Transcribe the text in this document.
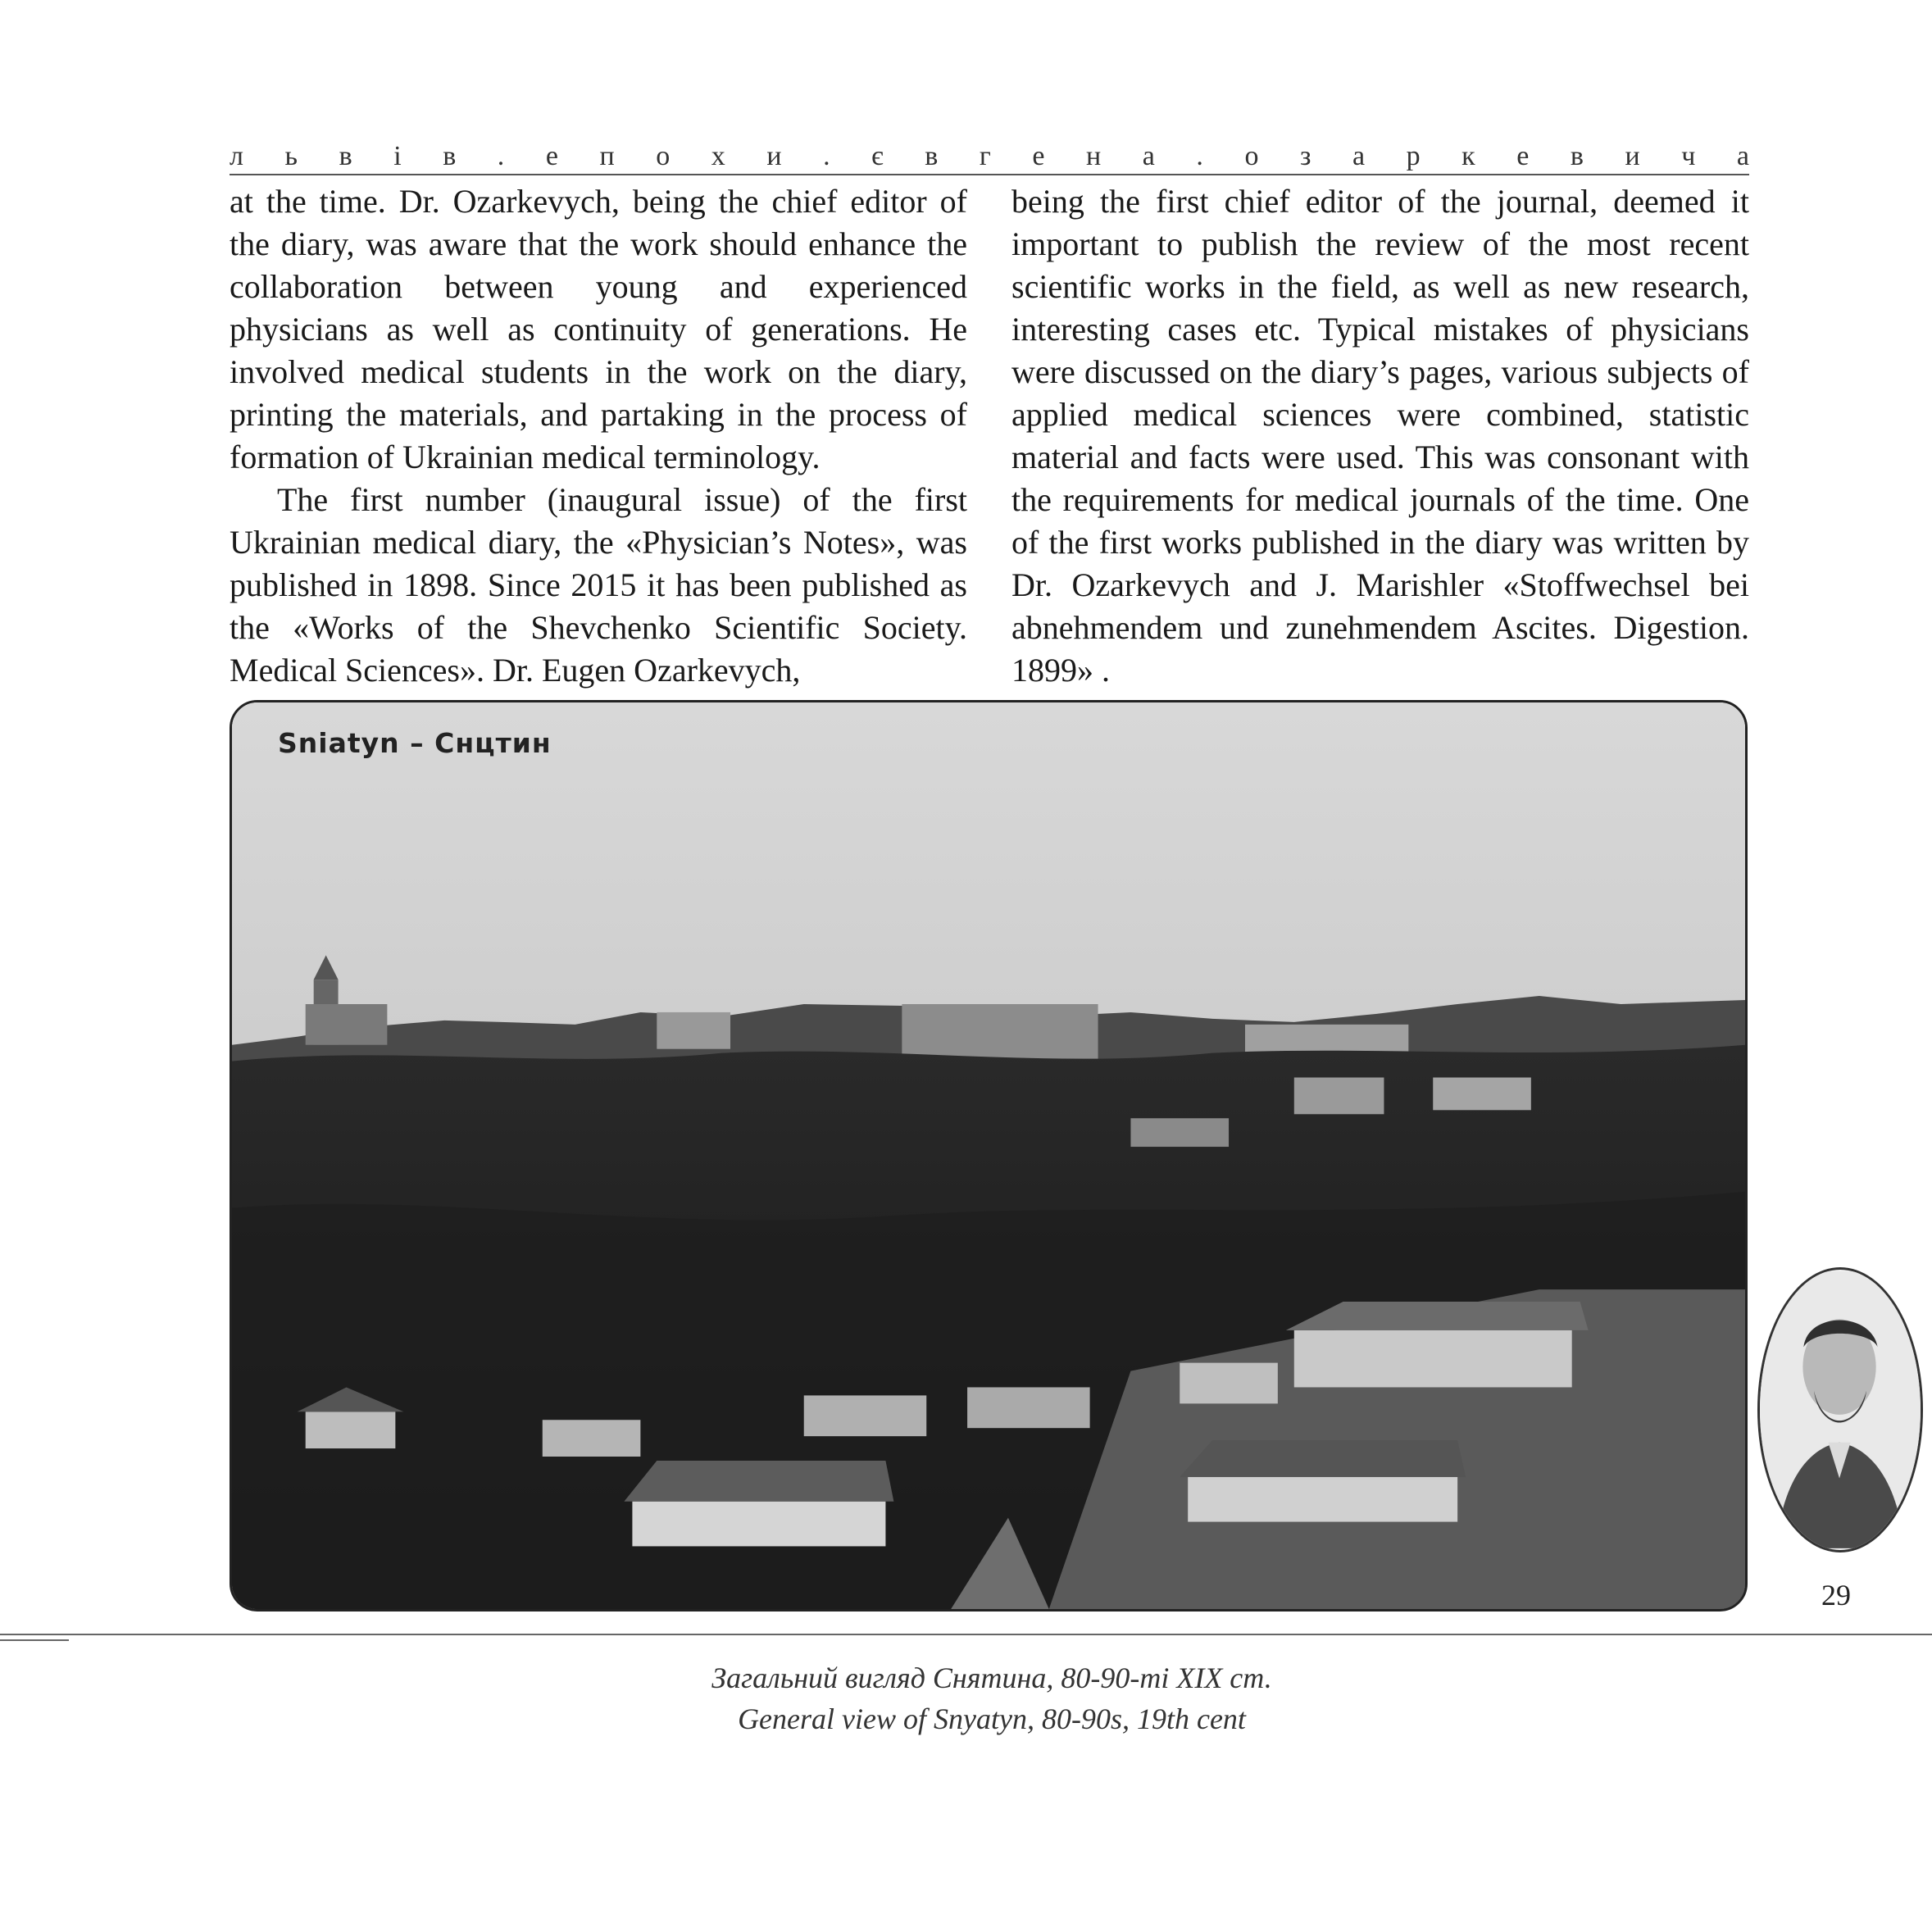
л ь в і в . е п о х и . є в г е н а . о з а р к е в и ч а

at the time. Dr. Ozarkevych, being the chief editor of the diary, was aware that the work should enhance the collaboration between young and experienced physicians as well as continuity of generations. He involved medical students in the work on the diary, printing the materials, and partaking in the process of formation of Ukrainian medical terminology.

The first number (inaugural issue) of the first Ukrainian medical diary, the «Physician’s Notes», was published in 1898. Since 2015 it has been published as the «Works of the Shevchenko Scientific Society. Medical Sciences». Dr. Eugen Ozarkevych,

being the first chief editor of the journal, deemed it important to publish the review of the most recent scientific works in the field, as well as new research, interesting cases etc. Typical mistakes of physicians were discussed on the diary’s pages, various subjects of applied medical sciences were combined, statistic material and facts were used. This was consonant with the requirements for medical journals of the time. One of the first works published in the diary was written by Dr. Ozarkevych and J. Marishler «Stoffwechsel bei abnehmendem und zunehmendem Ascites. Digestion. 1899» .

Sniatyn – Снцтин
29
Загальний вигляд Снятина, 80-90-ті ХІХ ст.
General view of Snyatyn, 80-90s, 19th cent
